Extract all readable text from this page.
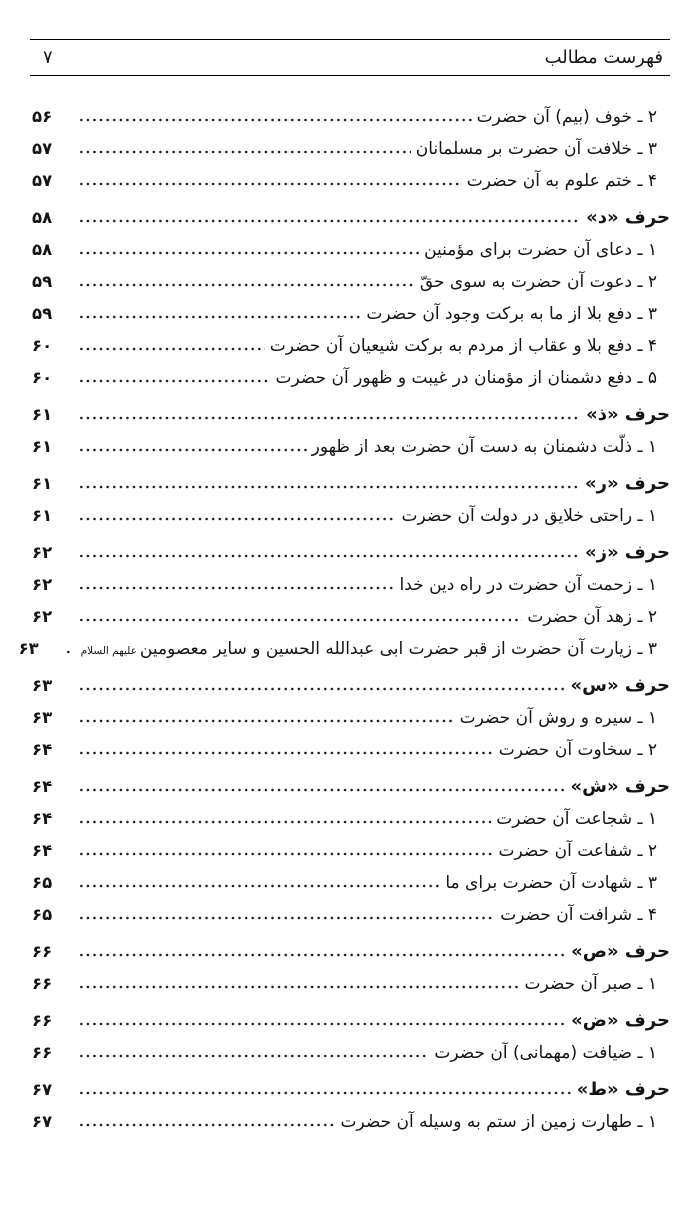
فهرست مطالب
۷
۲ ـ خوف (بیم) آن حضرت
۵۶
۳ ـ خلافت آن حضرت بر مسلمانان
۵۷
۴ ـ ختم علوم به آن حضرت
۵۷
حرف «د»
۵۸
۱ ـ دعای آن حضرت برای مؤمنین
۵۸
۲ ـ دعوت آن حضرت به سوی حقّ
۵۹
۳ ـ دفع بلا از ما به برکت وجود آن حضرت
۵۹
۴ ـ دفع بلا و عقاب از مردم به برکت شیعیان آن حضرت
۶۰
۵ ـ دفع دشمنان از مؤمنان در غیبت و ظهور آن حضرت
۶۰
حرف «ذ»
۶۱
۱ ـ ذلّت دشمنان به دست آن حضرت بعد از ظهور
۶۱
حرف «ر»
۶۱
۱ ـ راحتی خلایق در دولت آن حضرت
۶۱
حرف «ز»
۶۲
۱ ـ زحمت آن حضرت در راه دین خدا
۶۲
۲ ـ زهد آن حضرت
۶۲
۳ ـ زیارت آن حضرت از قبر حضرت ابی عبدالله الحسین و سایر معصومین
علیهم السلام
۶۳
حرف «س»
۶۳
۱ ـ سیره و روش آن حضرت
۶۳
۲ ـ سخاوت آن حضرت
۶۴
حرف «ش»
۶۴
۱ ـ شجاعت آن حضرت
۶۴
۲ ـ شفاعت آن حضرت
۶۴
۳ ـ شهادت آن حضرت برای ما
۶۵
۴ ـ شرافت آن حضرت
۶۵
حرف «ص»
۶۶
۱ ـ صبر آن حضرت
۶۶
حرف «ض»
۶۶
۱ ـ ضیافت (مهمانی) آن حضرت
۶۶
حرف «ط»
۶۷
۱ ـ طهارت زمین از ستم به وسیله آن حضرت
۶۷
